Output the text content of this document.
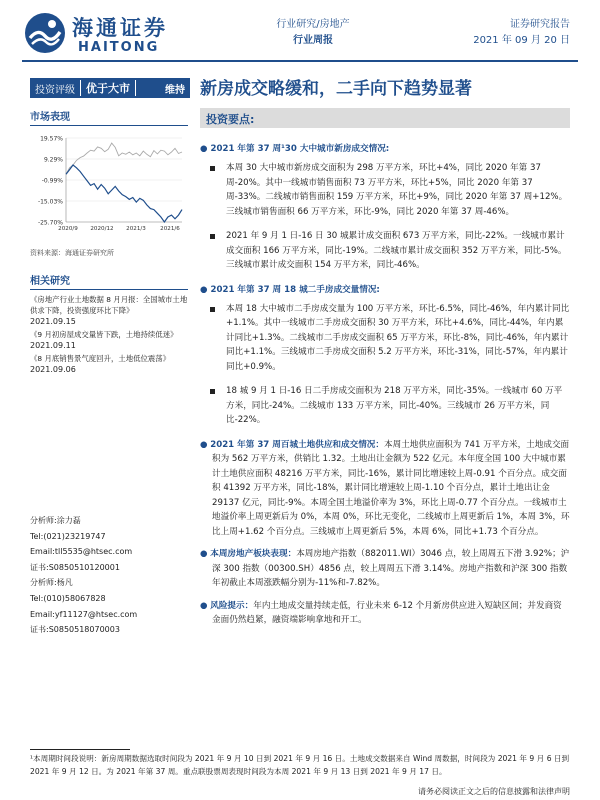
海通证券
HAITONG
行业研究/房地产
行业周报
证券研究报告
2021 年 09 月 20 日
投资评级	优于大市	维持 新房成交略缓和，二手向下趋势显著
市场表现
19.57%
9.29%
-0.99%
-15.03%
-25.70%
2020/9 2020/12 2021/3	2021/6
资料来源：海通证券研究所
相关研究
《房地产行业土地数据 8 月月报：全国城市土地供求下降，投资强度环比下降》
2021.09.15
《9 月初房屋成交量皆下跌，土地持续低迷》
2021.09.11
《8 月底销售景气度回升，土地低位震荡》
2021.09.06
分析师:涂力磊
Tel:(021)23219747
Email:tll5535@htsec.com
证书:S0850510120001
分析师:杨凡
Tel:(010)58067828
Email:yf11127@htsec.com
证书:S0850518070003
投资要点:
● 2021 年第 37 周¹30 大中城市新房成交情况:
本周 30 大中城市新房成交面积为 298 万平方米，环比+4%，同比 2020 年第 37 周-20%。其中一线城市销售面积 73 万平方米，环比+5%，同比 2020 年第 37 周-33%。二线城市销售面积 159 万平方米，环比+9%，同比 2020 年第 37 周+12%。三线城市销售面积 66 万平方米，环比-9%，同比 2020 年第 37 周-46%。
2021 年 9 月 1 日-16 日 30 城累计成交面积 673 万平方米，同比-22%。一线城市累计成交面积 166 万平方米，同比-19%。二线城市累计成交面积 352 万平方米，同比-5%。三线城市累计成交面积 154 万平方米，同比-46%。
● 2021 年第 37 周 18 城二手房成交量情况:
本周 18 大中城市二手房成交量为 100 万平方米，环比-6.5%，同比-46%，年内累计同比+1.1%。其中一线城市二手房成交面积 30 万平方米，环比+4.6%，同比-44%，年内累计同比+1.3%。二线城市二手房成交面积 65 万平方米，环比-8%，同比-46%，年内累计同比+1.1%。三线城市二手房成交面积 5.2 万平方米，环比-31%，同比-57%，年内累计同比+0.9%。
18 城 9 月 1 日-16 日二手房成交面积为 218 万平方米，同比-35%。一线城市 60 万平方米，同比-24%。二线城市 133 万平方米，同比-40%。三线城市 26 万平方米，同比-22%。
● 2021 年第 37 周百城土地供应和成交情况：本周土地供应面积为 741 万平方米，土地成交面积为 562 万平方米，供销比 1.32。土地出让金额为 522 亿元。本年度全国 100 大中城市累计土地供应面积 48216 万平方米，同比-16%，累计同比增速较上周-0.91 个百分点。成交面积 41392 万平方米，同比-18%，累计同比增速较上周-1.10 个百分点，累计土地出让金 29137 亿元，同比-9%。本周全国土地溢价率为 3%，环比上周-0.77 个百分点。一线城市土地溢价率上周更新后为 0%，本周 0%，环比无变化，二线城市上周更新后 1%，本周 3%，环比上周+1.62 个百分点。三线城市上周更新后 5%，本周 6%，同比+1.73 个百分点。
● 本周房地产板块表现：本周房地产指数（882011.WI）3046 点，较上周周五下滑 3.92%；沪深 300 指数（00300.SH）4856 点，较上周周五下滑 3.14%。房地产指数和沪深 300 指数年初截止本周涨跌幅分别为-11%和-7.82%。
● 风险提示：年内土地成交量持续走低，行业未来 6-12 个月新房供应进入短缺区间；并发商资金面仍然趋紧，融资端影响拿地和开工。
¹本周期时间段说明：新房周期数据选取时间段为 2021 年 9 月 10 日到 2021 年 9 月 16 日。土地成交数据来自 Wind 周数据，时间段为 2021 年 9 月 6 日到 2021 年 9 月 12 日。为 2021 年第 37 周。重点联股票周表现时间段为本周 2021 年 9 月 13 日到 2021 年 9 月 17 日。
请务必阅读正文之后的信息披露和法律声明
